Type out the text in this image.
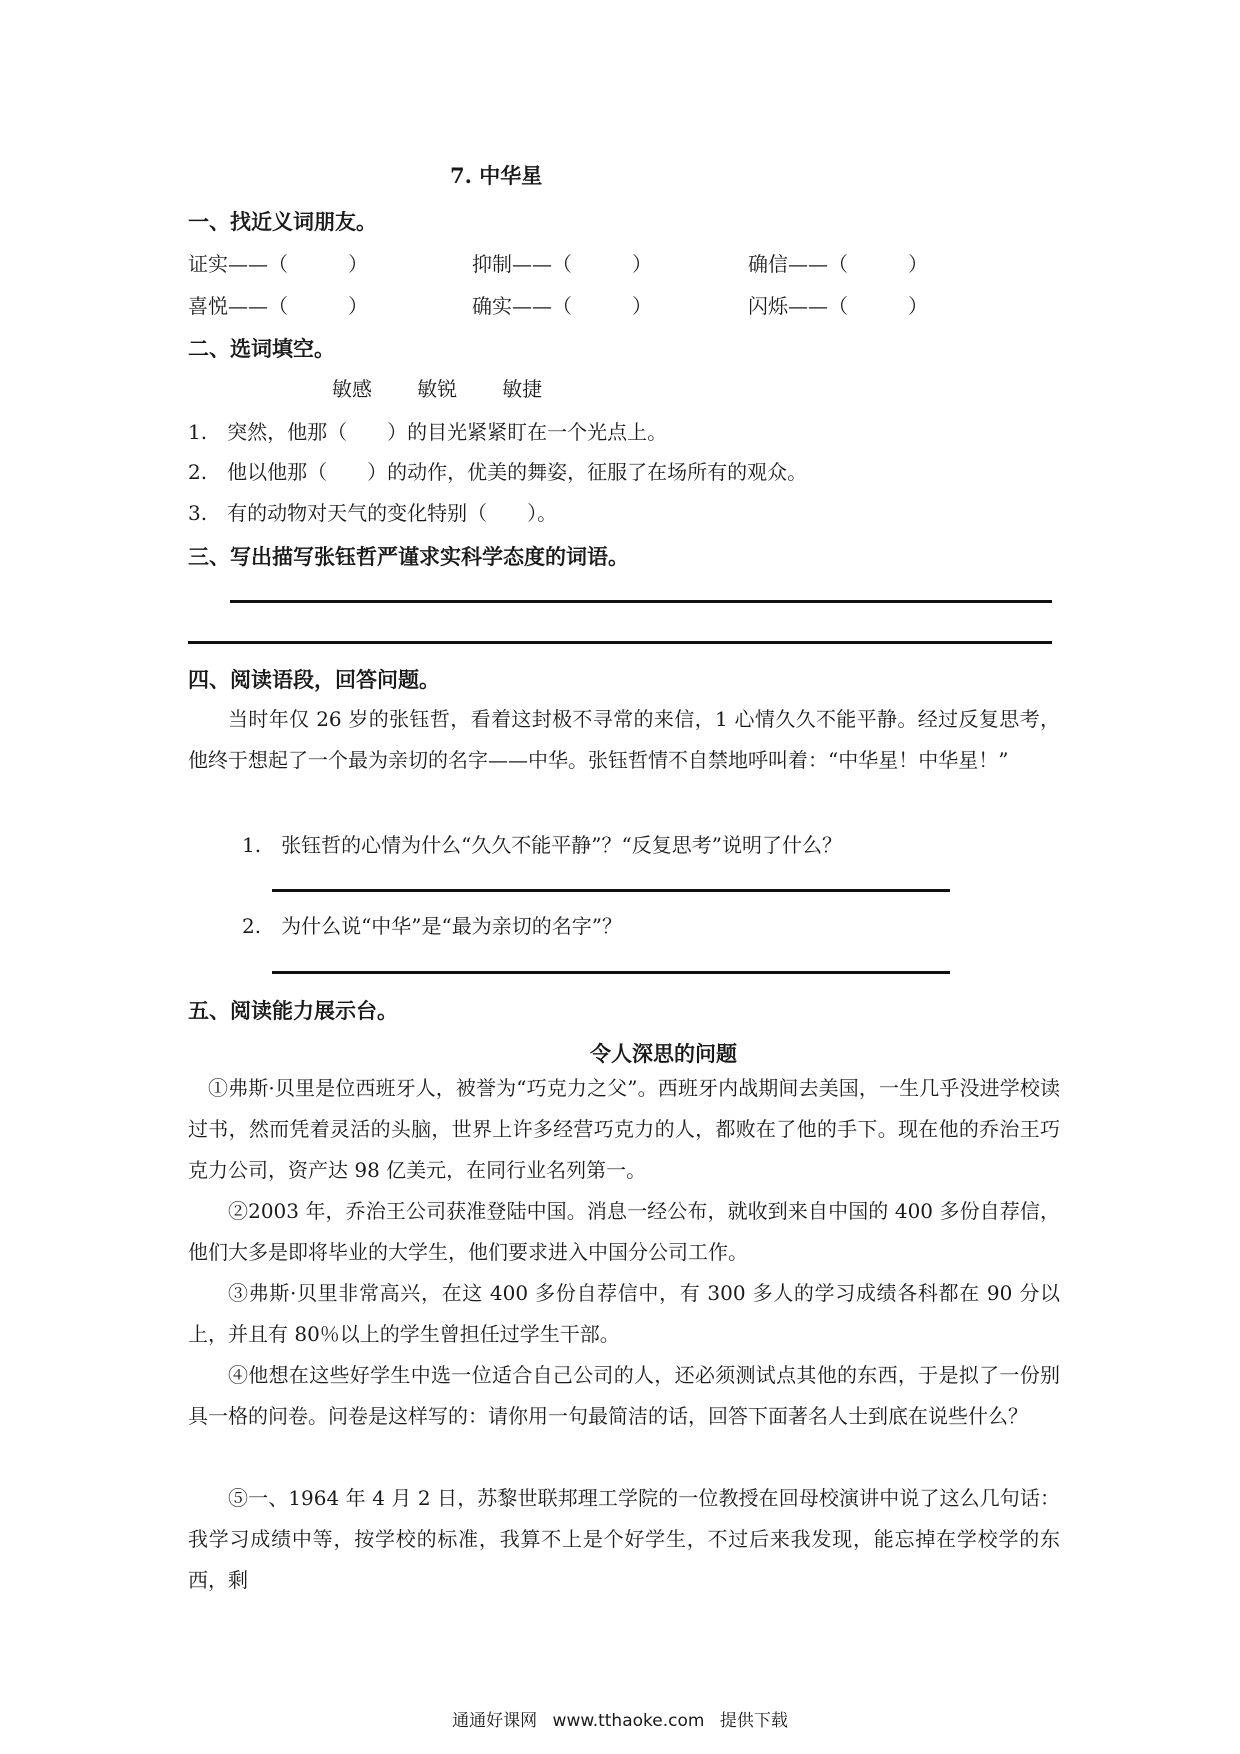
7. 中华星
一、找近义词朋友。
证实——（　　　）	抑制——（　　　）	确信——（　　　）
喜悦——（　　　）	确实——（　　　）	闪烁——（　　　）
二、选词填空。
敏感 敏锐 敏捷
1.　突然，他那（　　）的目光紧紧盯在一个光点上。
2.　他以他那（　　）的动作，优美的舞姿，征服了在场所有的观众。
3.　有的动物对天气的变化特别（　　）。
三、写出描写张钰哲严谨求实科学态度的词语。
四、阅读语段，回答问题。
当时年仅 26 岁的张钰哲，看着这封极不寻常的来信，1 心情久久不能平静。经过反复思考，他终于想起了一个最为亲切的名字——中华。张钰哲情不自禁地呼叫着：“中华星！中华星！”
1.　张钰哲的心情为什么“久久不能平静”？“反复思考”说明了什么？
2.　为什么说“中华”是“最为亲切的名字”？
五、阅读能力展示台。
令人深思的问题
①弗斯·贝里是位西班牙人，被誉为“巧克力之父”。西班牙内战期间去美国，一生几乎没进学校读过书，然而凭着灵活的头脑，世界上许多经营巧克力的人，都败在了他的手下。现在他的乔治王巧克力公司，资产达 98 亿美元，在同行业名列第一。
②2003 年，乔治王公司获准登陆中国。消息一经公布，就收到来自中国的 400 多份自荐信，他们大多是即将毕业的大学生，他们要求进入中国分公司工作。
③弗斯·贝里非常高兴，在这 400 多份自荐信中，有 300 多人的学习成绩各科都在 90 分以上，并且有 80％以上的学生曾担任过学生干部。
④他想在这些好学生中选一位适合自己公司的人，还必须测试点其他的东西，于是拟了一份别具一格的问卷。问卷是这样写的：请你用一句最简洁的话，回答下面著名人士到底在说些什么？
⑤一、1964 年 4 月 2 日，苏黎世联邦理工学院的一位教授在回母校演讲中说了这么几句话：我学习成绩中等，按学校的标准，我算不上是个好学生，不过后来我发现，能忘掉在学校学的东西，剩
通通好课网 www.tthaoke.com 提供下载
